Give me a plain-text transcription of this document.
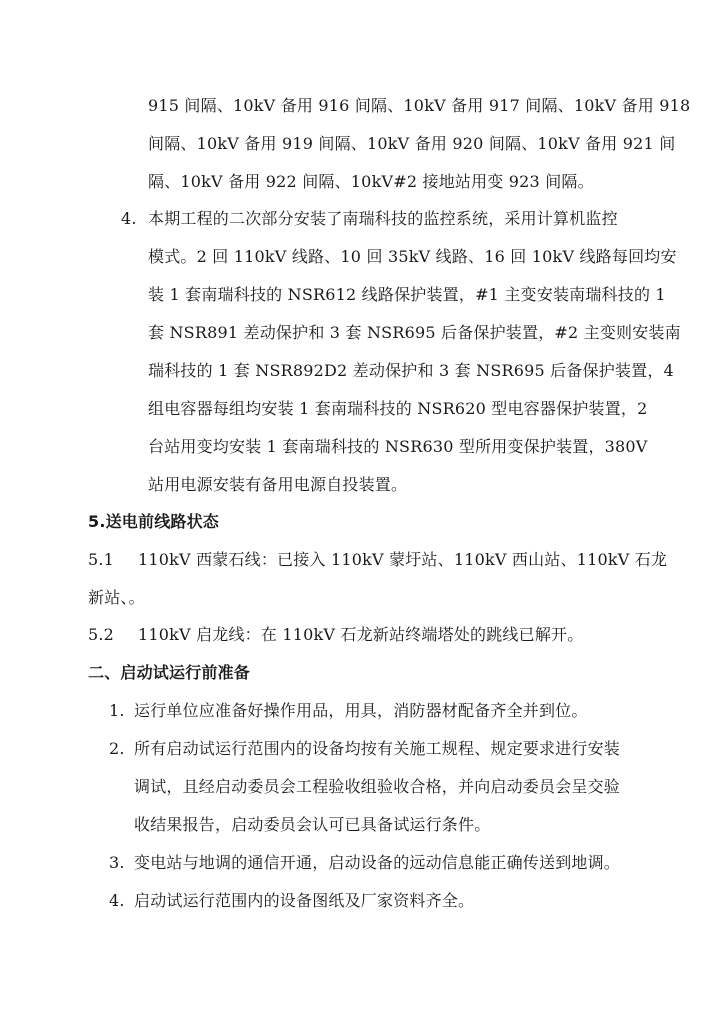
915 间隔、10kV 备用 916 间隔、10kV 备用 917 间隔、10kV 备用 918
间隔、10kV 备用 919 间隔、10kV 备用 920 间隔、10kV 备用 921 间
隔、10kV 备用 922 间隔、10kV#2 接地站用变 923 间隔。
4. 本期工程的二次部分安装了南瑞科技的监控系统，采用计算机监控
模式。2 回 110kV 线路、10 回 35kV 线路、16 回 10kV 线路每回均安
装 1 套南瑞科技的 NSR612 线路保护装置，#1 主变安装南瑞科技的 1
套 NSR891 差动保护和 3 套 NSR695 后备保护装置，#2 主变则安装南
瑞科技的 1 套 NSR892D2 差动保护和 3 套 NSR695 后备保护装置，4
组电容器每组均安装 1 套南瑞科技的 NSR620 型电容器保护装置，2
台站用变均安装 1 套南瑞科技的 NSR630 型所用变保护装置，380V
站用电源安装有备用电源自投装置。
5.送电前线路状态
5.1 110kV 西蒙石线：已接入 110kV 蒙圩站、110kV 西山站、110kV 石龙
新站、。
5.2 110kV 启龙线：在 110kV 石龙新站终端塔处的跳线已解开。
二、启动试运行前准备
1. 运行单位应准备好操作用品，用具，消防器材配备齐全并到位。
2. 所有启动试运行范围内的设备均按有关施工规程、规定要求进行安装
调试，且经启动委员会工程验收组验收合格，并向启动委员会呈交验
收结果报告，启动委员会认可已具备试运行条件。
3. 变电站与地调的通信开通，启动设备的远动信息能正确传送到地调。
4. 启动试运行范围内的设备图纸及厂家资料齐全。
